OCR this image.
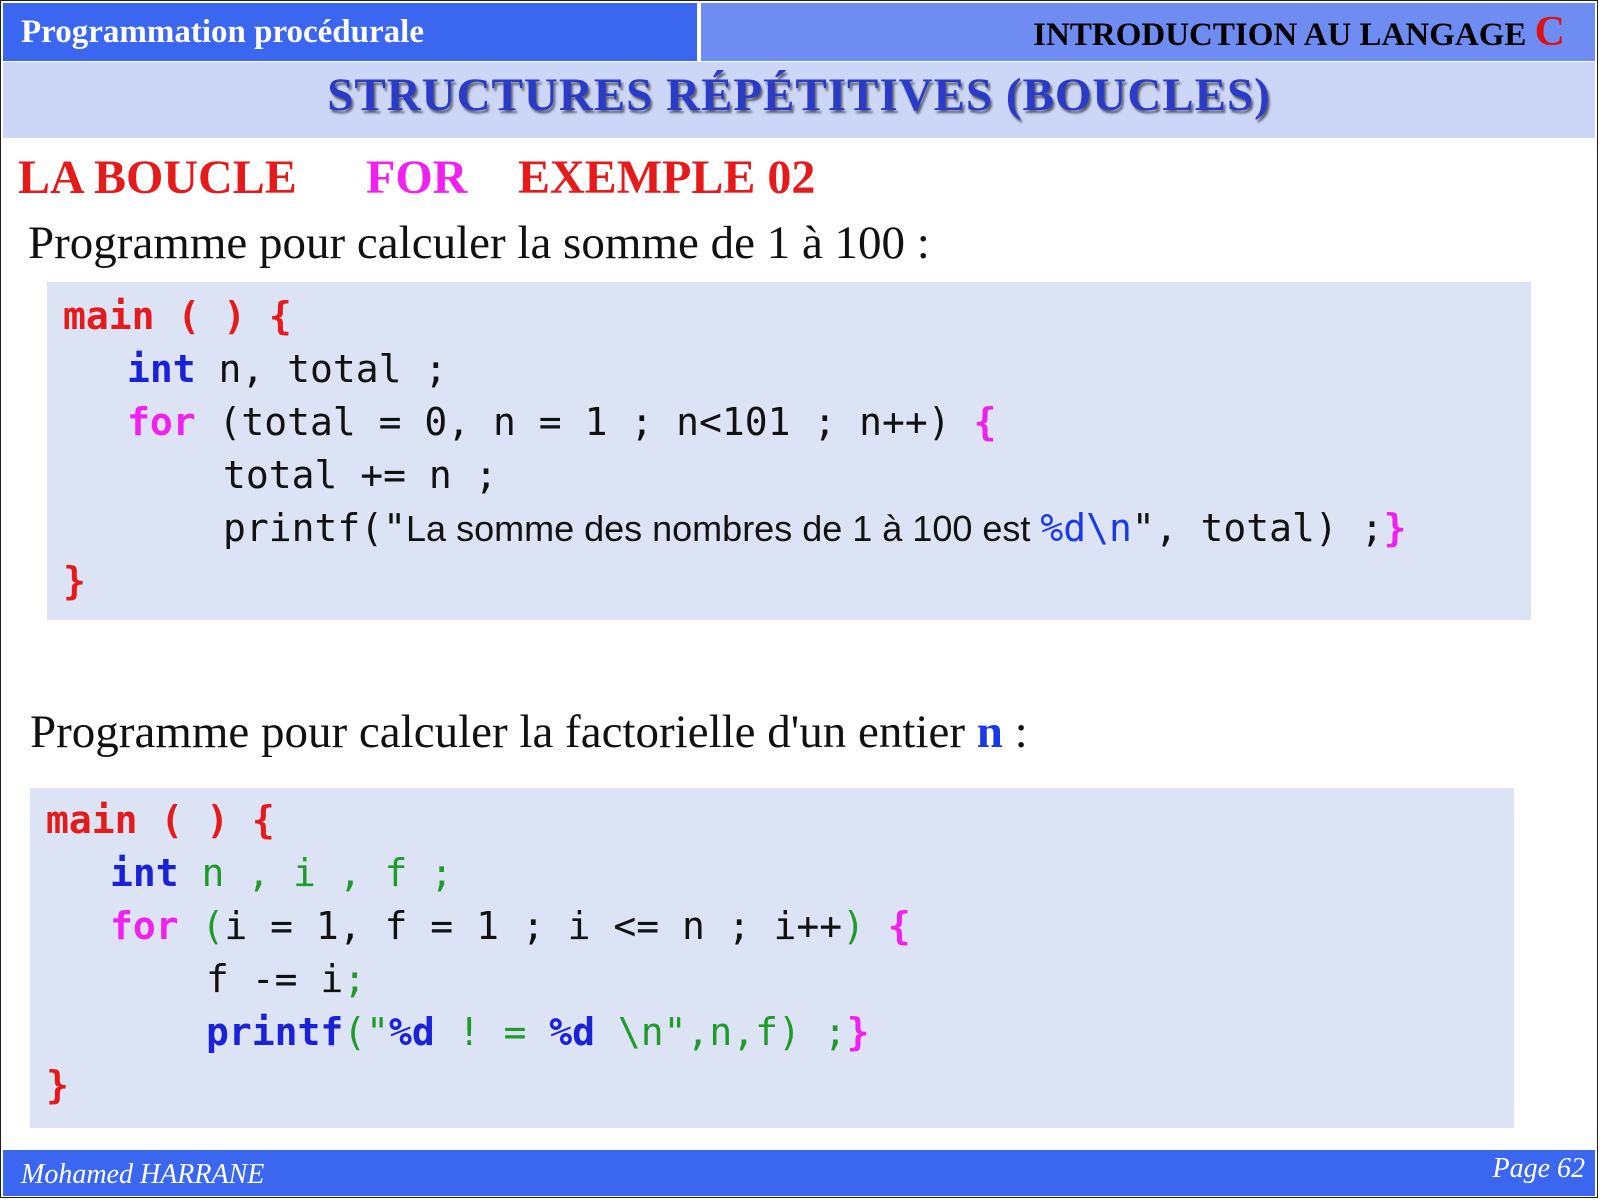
Programmation procédurale	INTRODUCTION AU LANGAGE C
STRUCTURES RÉPÉTITIVES (BOUCLES)
LA BOUCLE FOR EXEMPLE 02
Programme pour calculer la somme de 1 à 100 :
main ( ) {
int n, total ;
for (total = 0, n = 1 ; n<101 ; n++) {
total += n ;
printf("La somme des nombres de 1 à 100 est %d\n", total) ;}
}
Programme pour calculer la factorielle d'un entier n :
main ( ) {
int n , i , f ;
for (i = 1, f = 1 ; i <= n ; i++) {
f -= i;
printf("%d ! = %d \n",n,f) ;}
}
Mohamed HARRANE	Page 62
